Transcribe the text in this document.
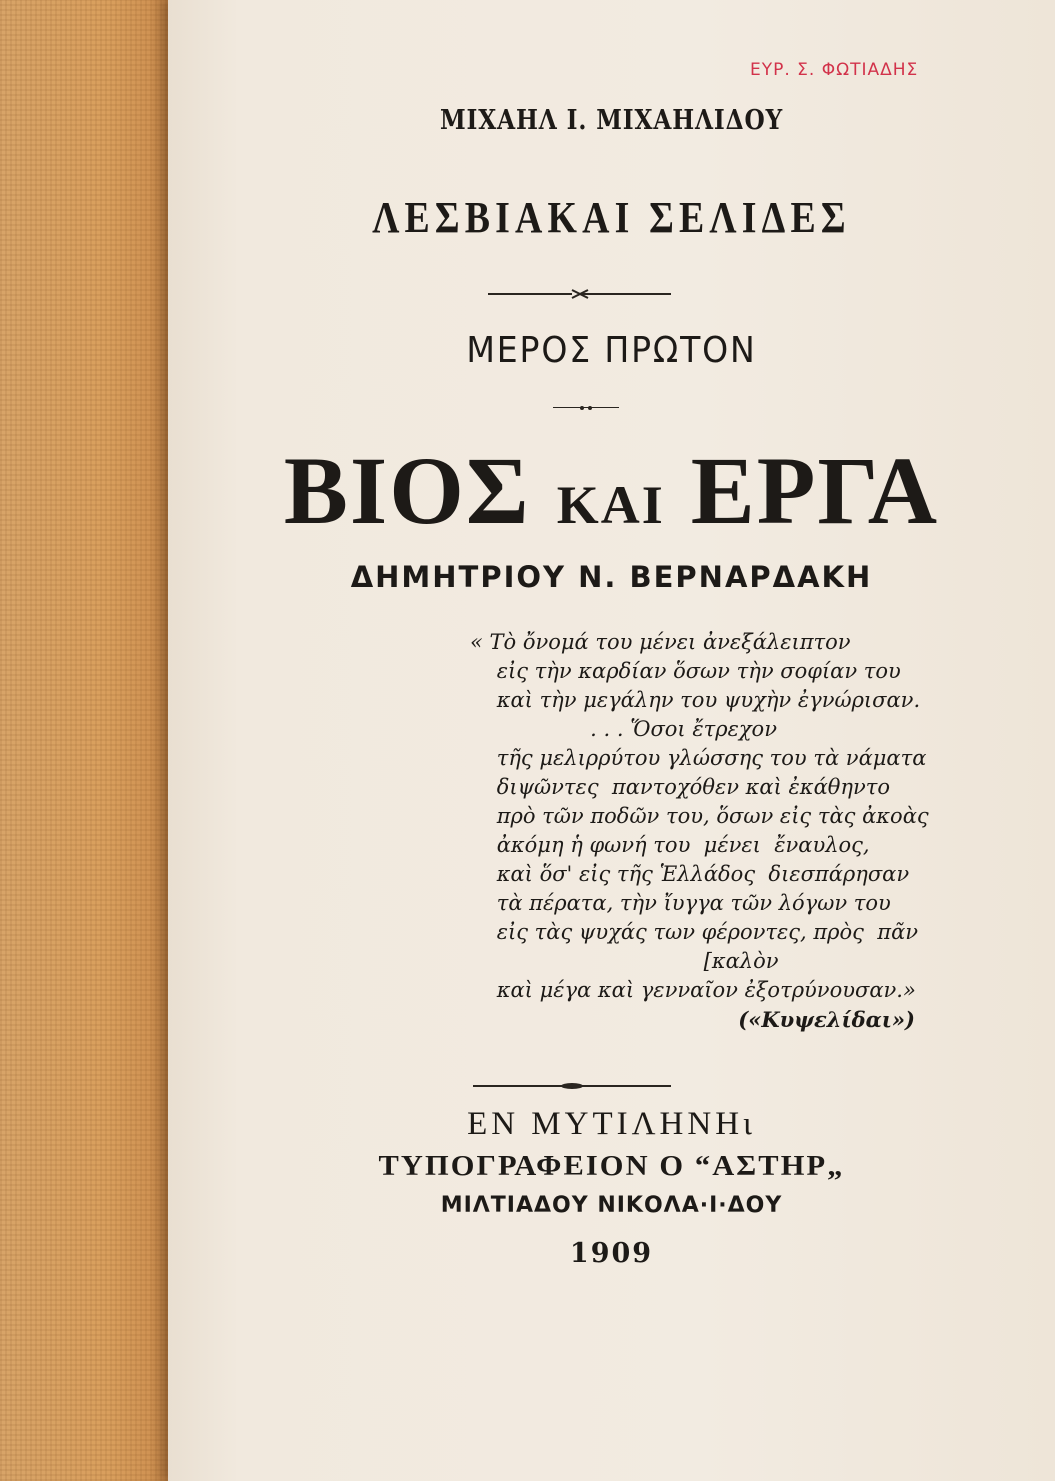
ΕΥΡ. Σ. ΦΩΤΙΑΔΗΣ
ΜΙΧΑΗΛ Ι. ΜΙΧΑΗΛΙΔΟΥ
ΛΕΣΒΙΑΚΑΙ ΣΕΛΙΔΕΣ
ΜΕΡΟΣ ΠΡΩΤΟΝ
ΒΙΟΣ ΚΑΙ ΕΡΓΑ
ΔΗΜΗΤΡΙΟΥ Ν. ΒΕΡΝΑΡΔΑΚΗ
« Τὸ ὄνομά του μένει ἀνεξάλειπτον
εἰς τὴν καρδίαν ὅσων τὴν σοφίαν του
καὶ τὴν μεγάλην του ψυχὴν ἐγνώρισαν.
. . . Ὅσοι ἔτρεχον
τῆς μελιρρύτου γλώσσης του τὰ νάματα
διψῶντες  παντοχόθεν καὶ ἐκάθηντο
πρὸ τῶν ποδῶν του, ὅσων εἰς τὰς ἀκοὰς
ἀκόμη ἡ φωνή του  μένει  ἔναυλος,
καὶ ὅσ' εἰς τῆς Ἑλλάδος  διεσπάρησαν
τὰ πέρατα, τὴν ἴυγγα τῶν λόγων του
εἰς τὰς ψυχάς των φέροντες, πρὸς  πᾶν
[καλὸν
καὶ μέγα καὶ γενναῖον ἐξοτρύνουσαν.»
(«Κυψελίδαι»)
ΕΝ ΜΥΤΙΛΗΝΗι
ΤΥΠΟΓΡΑΦΕΙΟΝ Ο “ΑΣΤΗΡ„
ΜΙΛΤΙΑΔΟΥ ΝΙΚΟΛΑ·Ι·ΔΟΥ
1909
